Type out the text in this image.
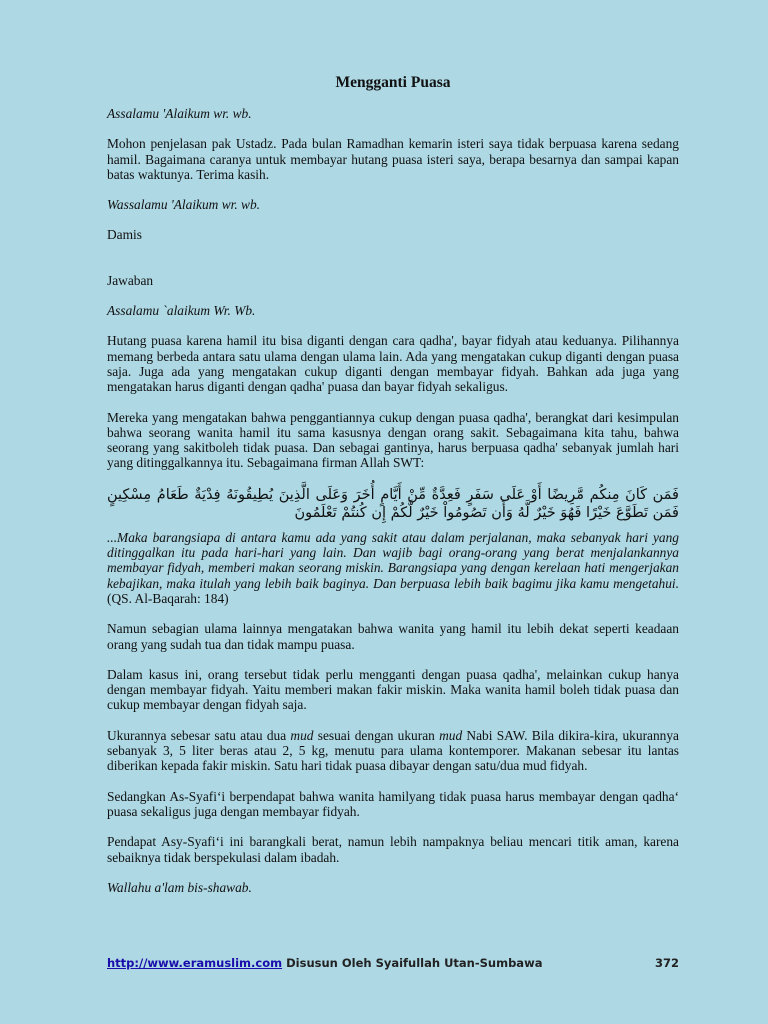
Mengganti Puasa

Assalamu 'Alaikum wr. wb.

Mohon penjelasan pak Ustadz. Pada bulan Ramadhan kemarin isteri saya tidak berpuasa karena sedang hamil. Bagaimana caranya untuk membayar hutang puasa isteri saya, berapa besarnya dan sampai kapan batas waktunya. Terima kasih.

Wassalamu 'Alaikum wr. wb.

Damis

Jawaban

Assalamu `alaikum Wr. Wb.

Hutang puasa karena hamil itu bisa diganti dengan cara qadha', bayar fidyah atau keduanya. Pilihannya memang berbeda antara satu ulama dengan ulama lain. Ada yang mengatakan cukup diganti dengan puasa saja. Juga ada yang mengatakan cukup diganti dengan membayar fidyah. Bahkan ada juga yang mengatakan harus diganti dengan qadha' puasa dan bayar fidyah sekaligus.

Mereka yang mengatakan bahwa penggantiannya cukup dengan puasa qadha', berangkat dari kesimpulan bahwa seorang wanita hamil itu sama kasusnya dengan orang sakit. Sebagaimana kita tahu, bahwa seorang yang sakitboleh tidak puasa. Dan sebagai gantinya, harus berpuasa qadha' sebanyak jumlah hari yang ditinggalkannya itu. Sebagaimana firman Allah SWT:

فَمَن كَانَ مِنكُم مَّرِيضًا أَوْ عَلَى سَفَرٍ فَعِدَّةٌ مِّنْ أَيَّامٍ أُخَرَ وَعَلَى الَّذِينَ يُطِيقُونَهُ فِدْيَةٌ طَعَامُ مِسْكِينٍ فَمَن تَطَوَّعَ خَيْرًا فَهُوَ خَيْرٌ لَّهُ وَأَن تَصُومُواْ خَيْرٌ لَّكُمْ إِن كُنتُمْ تَعْلَمُونَ

...Maka barangsiapa di antara kamu ada yang sakit atau dalam perjalanan, maka sebanyak hari yang ditinggalkan itu pada hari-hari yang lain. Dan wajib bagi orang-orang yang berat menjalankannya membayar fidyah, memberi makan seorang miskin. Barangsiapa yang dengan kerelaan hati mengerjakan kebajikan, maka itulah yang lebih baik baginya. Dan berpuasa lebih baik bagimu jika kamu mengetahui. (QS. Al-Baqarah: 184)

Namun sebagian ulama lainnya mengatakan bahwa wanita yang hamil itu lebih dekat seperti keadaan orang yang sudah tua dan tidak mampu puasa.

Dalam kasus ini, orang tersebut tidak perlu mengganti dengan puasa qadha', melainkan cukup hanya dengan membayar fidyah. Yaitu memberi makan fakir miskin. Maka wanita hamil boleh tidak puasa dan cukup membayar dengan fidyah saja.

Ukurannya sebesar satu atau dua mud sesuai dengan ukuran mud Nabi SAW. Bila dikira-kira, ukurannya sebanyak 3, 5 liter beras atau 2, 5 kg, menutu para ulama kontemporer. Makanan sebesar itu lantas diberikan kepada fakir miskin. Satu hari tidak puasa dibayar dengan satu/dua mud fidyah.

Sedangkan As-Syafi‘i berpendapat bahwa wanita hamilyang tidak puasa harus membayar dengan qadha‘ puasa sekaligus juga dengan membayar fidyah.

Pendapat Asy-Syafi‘i ini barangkali berat, namun lebih nampaknya beliau mencari titik aman, karena sebaiknya tidak berspekulasi dalam ibadah.

Wallahu a'lam bis-shawab.

http://www.eramuslim.com Disusun Oleh Syaifullah Utan-Sumbawa	372
